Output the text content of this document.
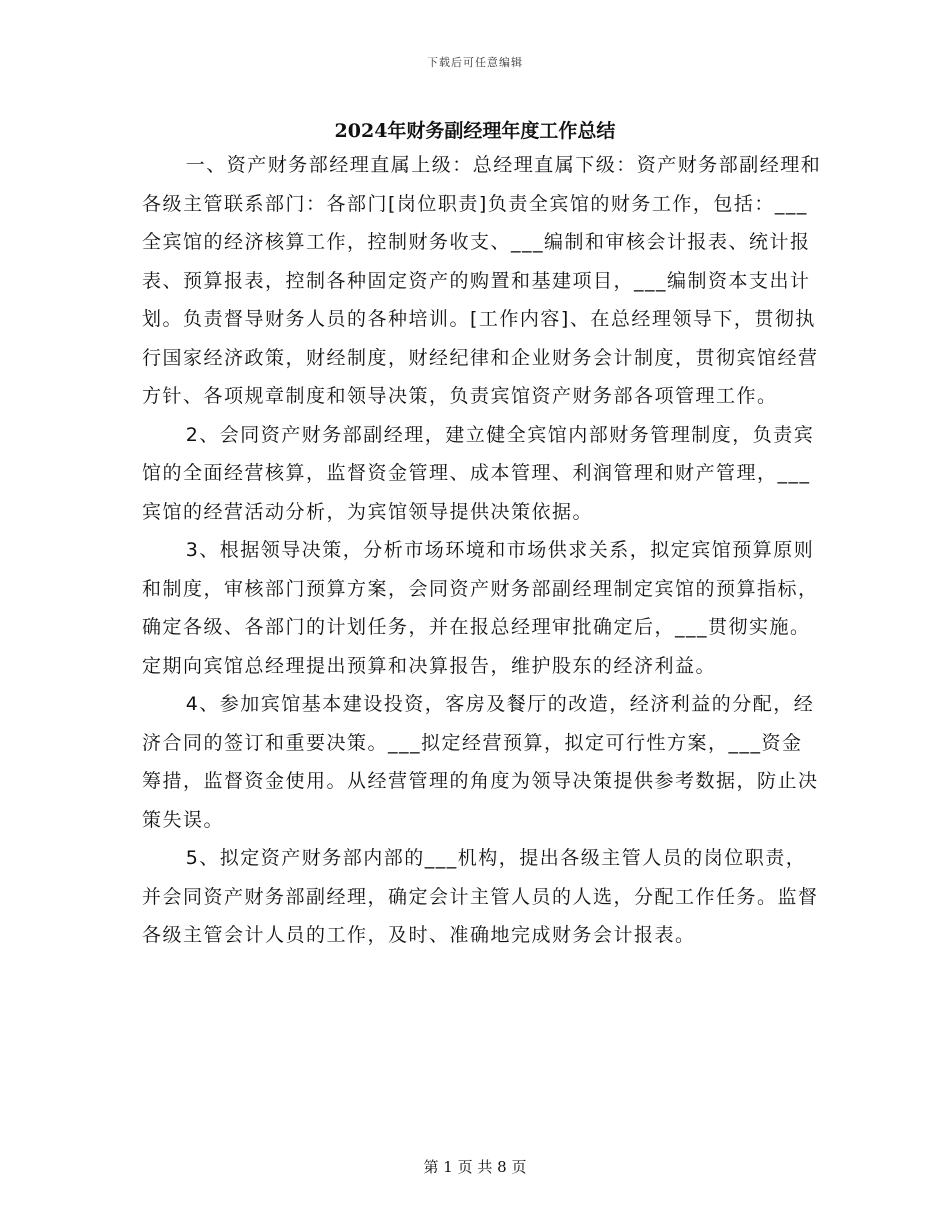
下载后可任意编辑
2024年财务副经理年度工作总结

一、资产财务部经理直属上级：总经理直属下级：资产财务部副经理和各级主管联系部门：各部门[岗位职责]负责全宾馆的财务工作，包括：___全宾馆的经济核算工作，控制财务收支、___编制和审核会计报表、统计报表、预算报表，控制各种固定资产的购置和基建项目，___编制资本支出计划。负责督导财务人员的各种培训。[工作内容]、在总经理领导下，贯彻执行国家经济政策，财经制度，财经纪律和企业财务会计制度，贯彻宾馆经营方针、各项规章制度和领导决策，负责宾馆资产财务部各项管理工作。

2、会同资产财务部副经理，建立健全宾馆内部财务管理制度，负责宾馆的全面经营核算，监督资金管理、成本管理、利润管理和财产管理，___宾馆的经营活动分析，为宾馆领导提供决策依据。

3、根据领导决策，分析市场环境和市场供求关系，拟定宾馆预算原则和制度，审核部门预算方案，会同资产财务部副经理制定宾馆的预算指标，确定各级、各部门的计划任务，并在报总经理审批确定后，___贯彻实施。定期向宾馆总经理提出预算和决算报告，维护股东的经济利益。

4、参加宾馆基本建设投资，客房及餐厅的改造，经济利益的分配，经济合同的签订和重要决策。___拟定经营预算，拟定可行性方案，___资金筹措，监督资金使用。从经营管理的角度为领导决策提供参考数据，防止决策失误。

5、拟定资产财务部内部的___机构，提出各级主管人员的岗位职责，并会同资产财务部副经理，确定会计主管人员的人选，分配工作任务。监督各级主管会计人员的工作，及时、准确地完成财务会计报表。

第 1 页 共 8 页
